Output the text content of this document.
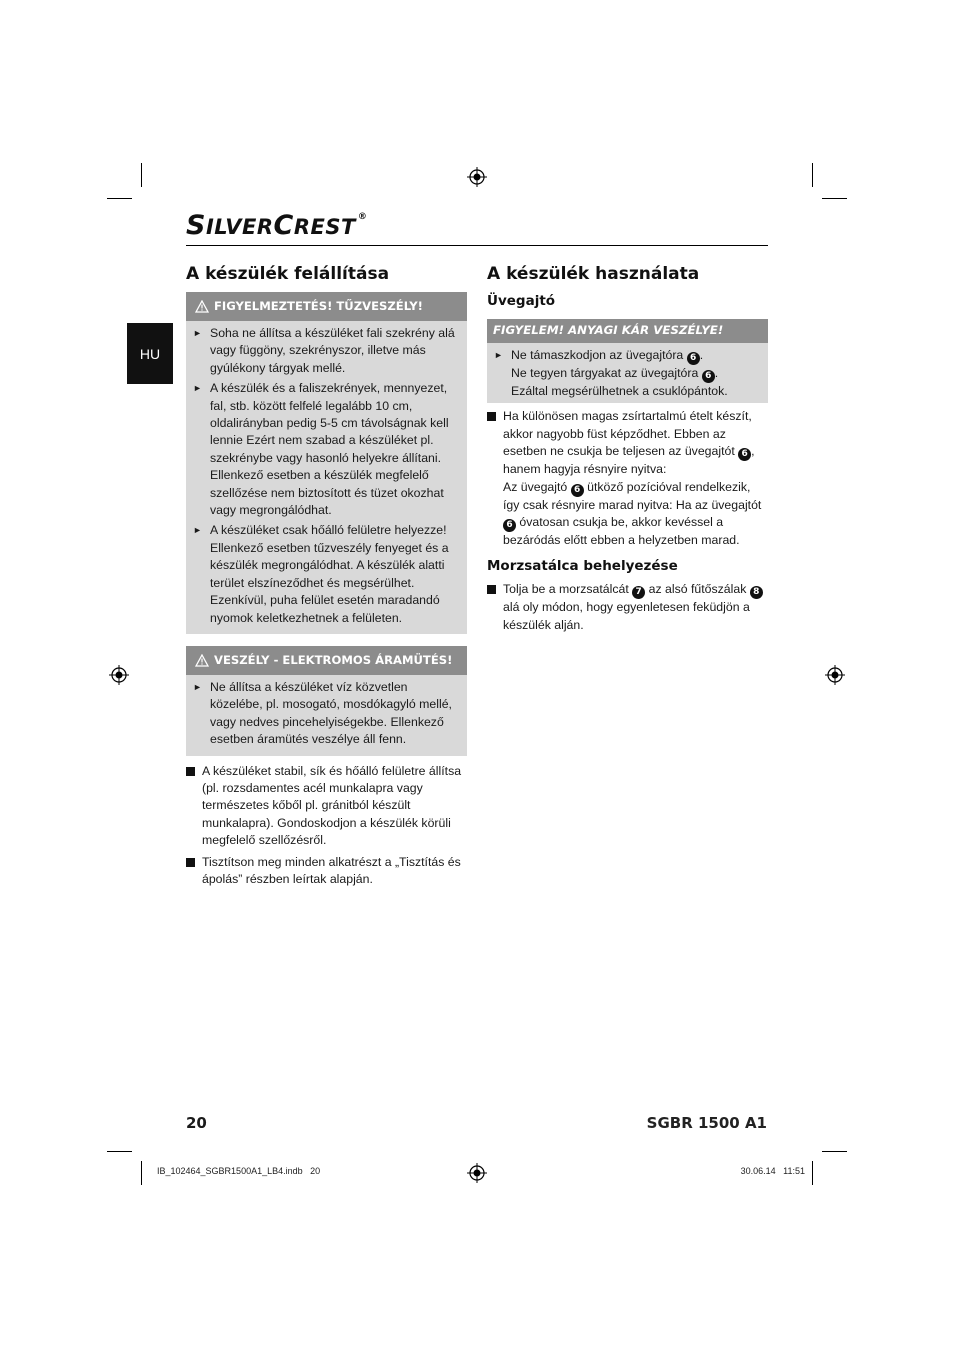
SILVERCREST ®
HU
A készülék felállítása
FIGYELMEZTETÉS! TŰZVESZÉLY!
► Soha ne állítsa a készüléket fali szekrény alá vagy függöny, szekrényszor, illetve más gyúlékony tárgyak mellé.
► A készülék és a faliszekrények, mennyezet, fal, stb. között felfelé legalább 10 cm, oldalirányban pedig 5-5 cm távolságnak kell lennie Ezért nem szabad a készüléket pl. szekrénybe vagy hasonló helyekre állítani. Ellenkező esetben a készülék megfelelő szellőzése nem biztosított és tüzet okozhat vagy megrongálódhat.
► A készüléket csak hőálló felületre helyezze! Ellenkező esetben tűzveszély fenyeget és a készülék megrongálódhat. A készülék alatti terület elszíneződhet és megsérülhet. Ezenkívül, puha felület esetén maradandó nyomok keletkezhetnek a felületen.
VESZÉLY - ELEKTROMOS ÁRAMÜTÉS!
► Ne állítsa a készüléket víz közvetlen közelébe, pl. mosogató, mosdókagyló mellé, vagy nedves pincehelyiségekbe. Ellenkező esetben áramütés veszélye áll fenn.
A készüléket stabil, sík és hőálló felületre állítsa (pl. rozsdamentes acél munkalapra vagy természetes kőből pl. gránitból készült munkalapra). Gondoskodjon a készülék körüli megfelelő szellőzésről.
Tisztítson meg minden alkatrészt a „Tisztítás és ápolás” részben leírtak alapján.
A készülék használata
Üvegajtó
FIGYELEM! ANYAGI KÁR VESZÉLYE!
► Ne támaszkodjon az üvegajtóra 6 .
Ne tegyen tárgyakat az üvegajtóra 6 .
Ezáltal megsérülhetnek a csuklópántok.
Ha különösen magas zsírtartalmú ételt készít, akkor nagyobb füst képződhet. Ebben az esetben ne csukja be teljesen az üvegajtót 6 , hanem hagyja résnyire nyitva:
Az üvegajtó 6 ütköző pozícióval rendelkezik, így csak résnyire marad nyitva: Ha az üvegajtót 6 óvatosan csukja be, akkor kevéssel a bezáródás előtt ebben a helyzetben marad.
Morzsatálca behelyezése
Tolja be a morzsatálcát 7 az alsó fűtőszálak 8 alá oly módon, hogy egyenletesen feküdjön a készülék alján.
20	SGBR 1500 A1
IB_102464_SGBR1500A1_LB4.indb   20	30.06.14   11:51
